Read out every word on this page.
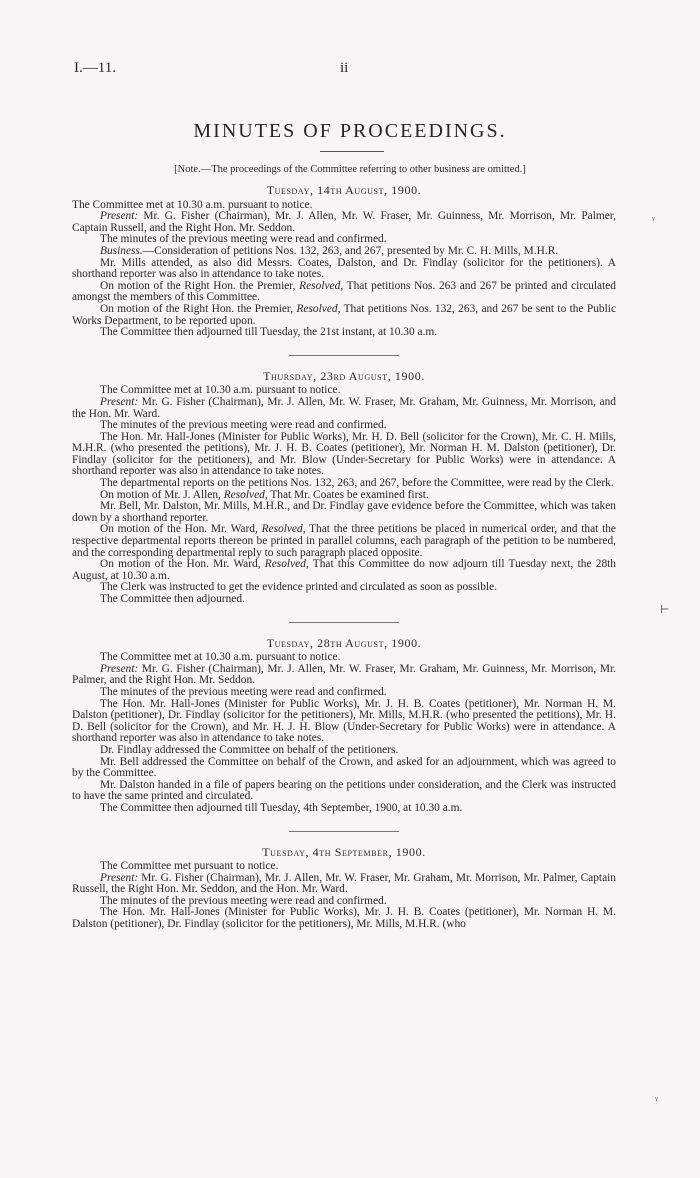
I.—11.	ii
MINUTES OF PROCEEDINGS.
[Note.—The proceedings of the Committee referring to other business are omitted.]
Tuesday, 14th August, 1900.

The Committee met at 10.30 a.m. pursuant to notice.

Present: Mr. G. Fisher (Chairman), Mr. J. Allen, Mr. W. Fraser, Mr. Guinness, Mr. Morrison, Mr. Palmer, Captain Russell, and the Right Hon. Mr. Seddon.

The minutes of the previous meeting were read and confirmed.

Business.—Consideration of petitions Nos. 132, 263, and 267, presented by Mr. C. H. Mills, M.H.R.

Mr. Mills attended, as also did Messrs. Coates, Dalston, and Dr. Findlay (solicitor for the petitioners). A shorthand reporter was also in attendance to take notes.

On motion of the Right Hon. the Premier, Resolved, That petitions Nos. 263 and 267 be printed and circulated amongst the members of this Committee.

On motion of the Right Hon. the Premier, Resolved, That petitions Nos. 132, 263, and 267 be sent to the Public Works Department, to be reported upon.

The Committee then adjourned till Tuesday, the 21st instant, at 10.30 a.m.

Thursday, 23rd August, 1900.

The Committee met at 10.30 a.m. pursuant to notice.

Present: Mr. G. Fisher (Chairman), Mr. J. Allen, Mr. W. Fraser, Mr. Graham, Mr. Guinness, Mr. Morrison, and the Hon. Mr. Ward.

The minutes of the previous meeting were read and confirmed.

The Hon. Mr. Hall-Jones (Minister for Public Works), Mr. H. D. Bell (solicitor for the Crown), Mr. C. H. Mills, M.H.R. (who presented the petitions), Mr. J. H. B. Coates (petitioner), Mr. Norman H. M. Dalston (petitioner), Dr. Findlay (solicitor for the petitioners), and Mr. Blow (Under-Secretary for Public Works) were in attendance. A shorthand reporter was also in attendance to take notes.

The departmental reports on the petitions Nos. 132, 263, and 267, before the Committee, were read by the Clerk.

On motion of Mr. J. Allen, Resolved, That Mr. Coates be examined first.

Mr. Bell, Mr. Dalston, Mr. Mills, M.H.R., and Dr. Findlay gave evidence before the Committee, which was taken down by a shorthand reporter.

On motion of the Hon. Mr. Ward, Resolved, That the three petitions be placed in numerical order, and that the respective departmental reports thereon be printed in parallel columns, each paragraph of the petition to be numbered, and the corresponding departmental reply to such paragraph placed opposite.

On motion of the Hon. Mr. Ward, Resolved, That this Committee do now adjourn till Tuesday next, the 28th August, at 10.30 a.m.

The Clerk was instructed to get the evidence printed and circulated as soon as possible.

The Committee then adjourned.

Tuesday, 28th August, 1900.

The Committee met at 10.30 a.m. pursuant to notice.

Present: Mr. G. Fisher (Chairman), Mr. J. Allen, Mr. W. Fraser, Mr. Graham, Mr. Guinness, Mr. Morrison, Mr. Palmer, and the Right Hon. Mr. Seddon.

The minutes of the previous meeting were read and confirmed.

The Hon. Mr. Hall-Jones (Minister for Public Works), Mr. J. H. B. Coates (petitioner), Mr. Norman H. M. Dalston (petitioner), Dr. Findlay (solicitor for the petitioners), Mr. Mills, M.H.R. (who presented the petitions), Mr. H. D. Bell (solicitor for the Crown), and Mr. H. J. H. Blow (Under-Secretary for Public Works) were in attendance. A shorthand reporter was also in attendance to take notes.

Dr. Findlay addressed the Committee on behalf of the petitioners.

Mr. Bell addressed the Committee on behalf of the Crown, and asked for an adjournment, which was agreed to by the Committee.

Mr. Dalston handed in a file of papers bearing on the petitions under consideration, and the Clerk was instructed to have the same printed and circulated.

The Committee then adjourned till Tuesday, 4th September, 1900, at 10.30 a.m.

Tuesday, 4th September, 1900.

The Committee met pursuant to notice.

Present: Mr. G. Fisher (Chairman), Mr. J. Allen, Mr. W. Fraser, Mr. Graham, Mr. Morrison, Mr. Palmer, Captain Russell, the Right Hon. Mr. Seddon, and the Hon. Mr. Ward.

The minutes of the previous meeting were read and confirmed.

The Hon. Mr. Hall-Jones (Minister for Public Works), Mr. J. H. B. Coates (petitioner), Mr. Norman H. M. Dalston (petitioner), Dr. Findlay (solicitor for the petitioners), Mr. Mills, M.H.R. (who

ᵞ
⊢
ᵞ
